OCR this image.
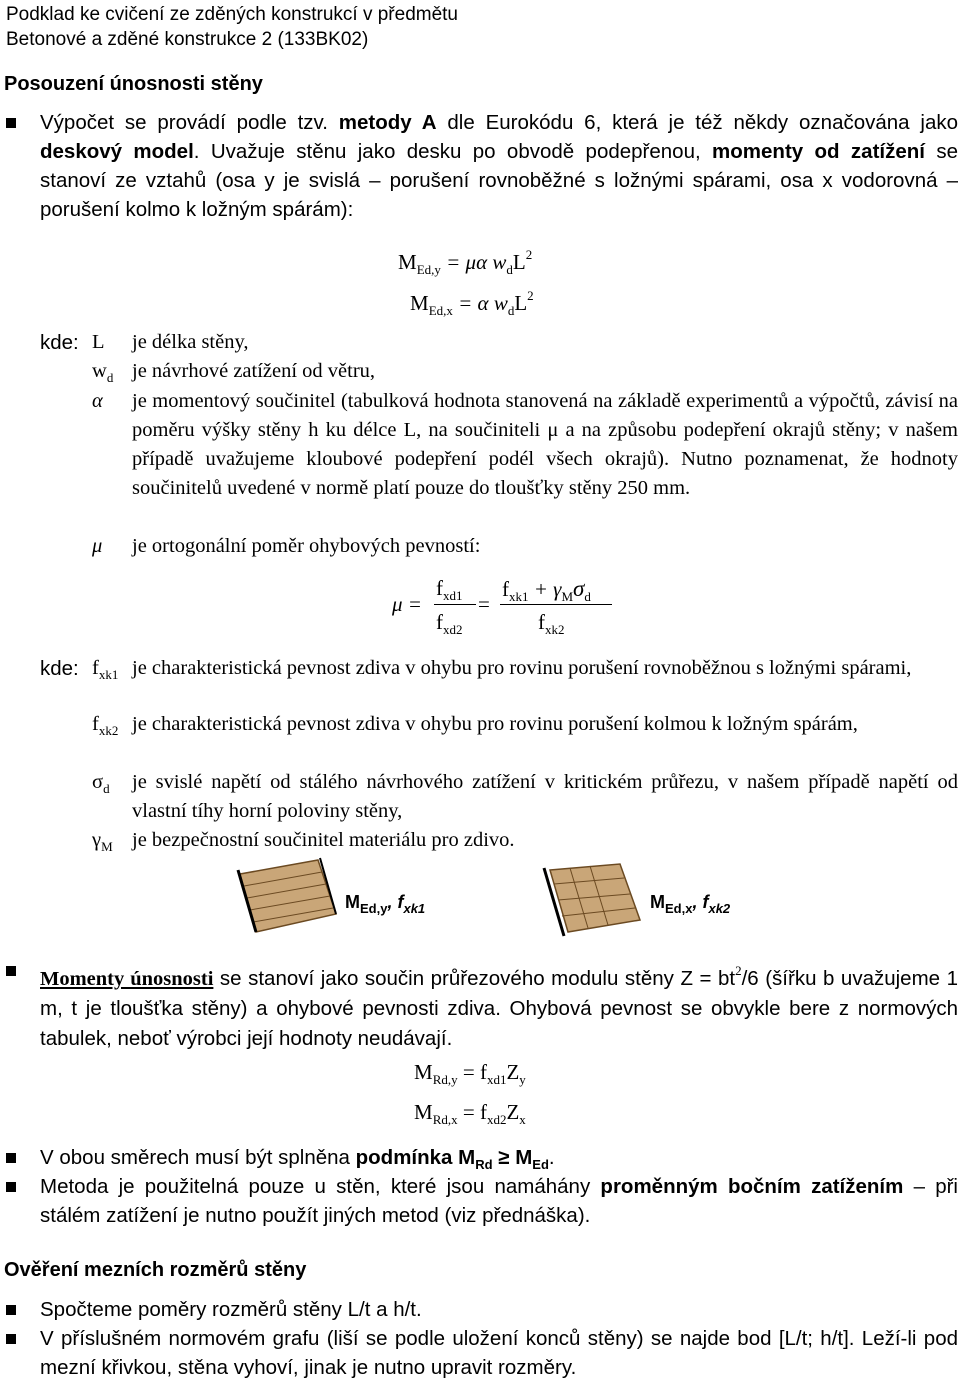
Podklad ke cvičení ze zděných konstrukcí v předmětu
Betonové a zděné konstrukce 2 (133BK02)
Posouzení únosnosti stěny
Výpočet se provádí podle tzv. metody A dle Eurokódu 6, která je též někdy označována jako deskový model. Uvažuje stěnu jako desku po obvodě podepřenou, momenty od zatížení se stanoví ze vztahů (osa y je svislá – porušení rovnoběžné s ložnými spárami, osa x vodorovná – porušení kolmo k ložným spárám):
$M_{Ed,y} = \mu\alpha$ $w_dL^2$
$M_{Ed,x} = \alpha$ $w_dL^2$
kde: L je délka stěny,
$w_d$ je návrhové zatížení od větru,
α je momentový součinitel (tabulková hodnota stanovená na základě experimentů a výpočtů, závisí na poměru výšky stěny h ku délce L, na součiniteli μ a na způsobu podepření okrajů stěny; v našem případě uvažujeme kloubové podepření podél všech okrajů). Nutno poznamenat, že hodnoty součinitelů uvedené v normě platí pouze do tloušťky stěny 250 mm.
μ je ortogonální poměr ohybových pevností:
μ =
$f_{xd1}$
$f_{xd2}$
=
$f_{xk1} + \gamma_M\sigma_d$
$f_{xk2}$
kde: $f_{xk1}$ je charakteristická pevnost zdiva v ohybu pro rovinu porušení rovnoběžnou s ložnými spárami,
$f_{xk2}$ je charakteristická pevnost zdiva v ohybu pro rovinu porušení kolmou k ložným spárám,
$\sigma_d$ je svislé napětí od stálého návrhového zatížení v kritickém průřezu, v našem případě napětí od vlastní tíhy horní poloviny stěny,
$\gamma_M$ je bezpečnostní součinitel materiálu pro zdivo.
$M_{Ed,y}$, $f_{xk1}$	$M_{Ed,x}$, $f_{xk2}$
Momenty únosnosti se stanoví jako součin průřezového modulu stěny $Z = bt^2/6$ (šířku b uvažujeme 1 m, t je tloušťka stěny) a ohybové pevnosti zdiva. Ohybová pevnost se obvykle bere z normových tabulek, neboť výrobci její hodnoty neudávají.
$M_{Rd,y} = f_{xd1}Z_y$
$M_{Rd,x} = f_{xd2}Z_x$
V obou směrech musí být splněna podmínka $M_{Rd} \ge M_{Ed}$.
Metoda je použitelná pouze u stěn, které jsou namáhány proměnným bočním zatížením – při stálém zatížení je nutno použít jiných metod (viz přednáška).
Ověření mezních rozměrů stěny
Spočteme poměry rozměrů stěny L/t a h/t.
V příslušném normovém grafu (liší se podle uložení konců stěny) se najde bod [L/t; h/t]. Leží-li pod mezní křivkou, stěna vyhoví, jinak je nutno upravit rozměry.
